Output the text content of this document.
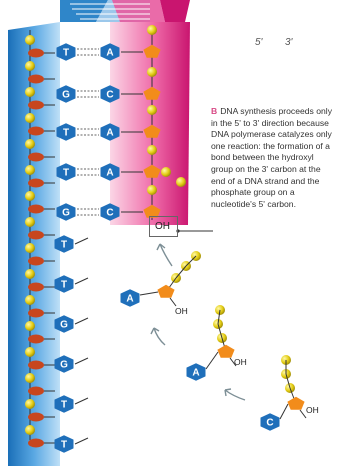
T	A
G	C
T	A
T	A
G	C
T
T
G
G
T
T
A
A
C
5' 3'
B DNA synthesis proceeds only in the 5' to 3' direction because DNA polymerase catalyzes only one reaction: the formation of a bond between the hydroxyl group on the 3' carbon at the end of a DNA strand and the phosphate group on a nucleotide's 5' carbon.
OH
OH
OH
OH
